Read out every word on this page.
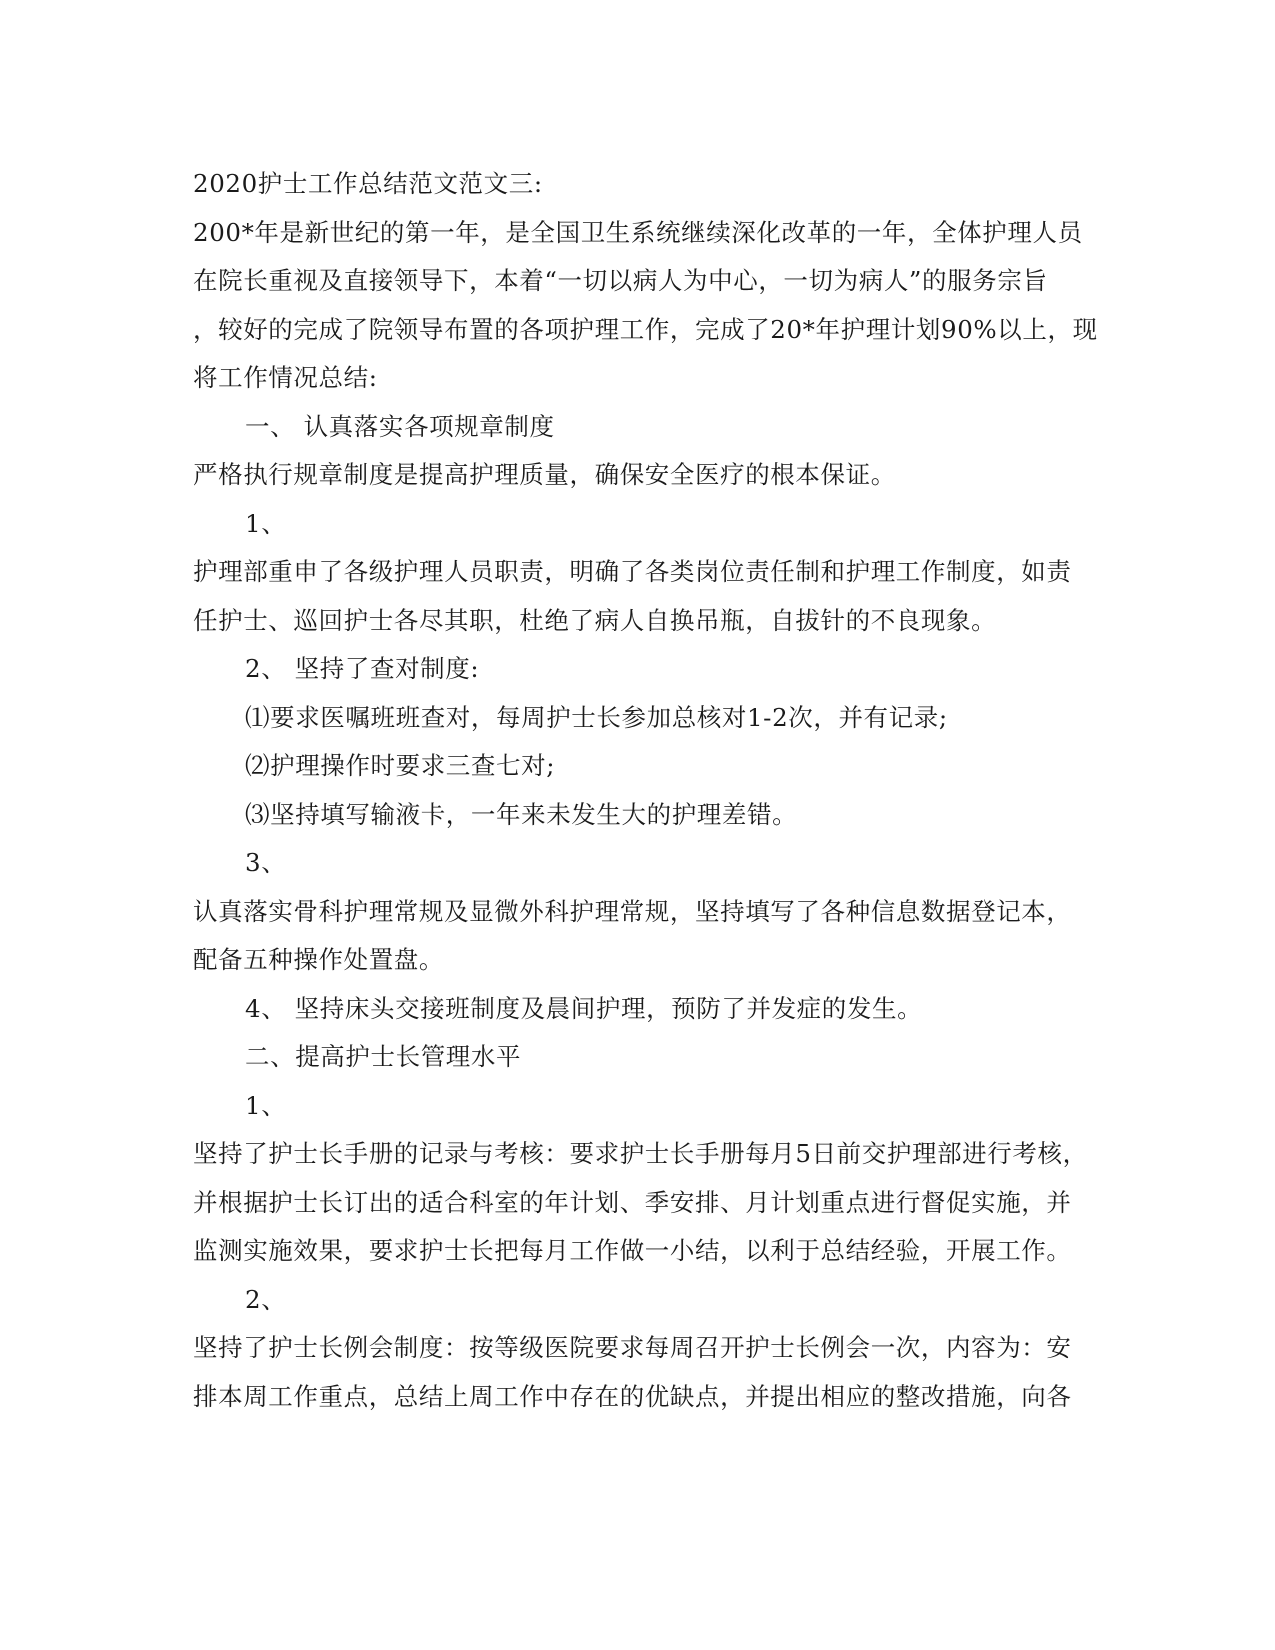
2020护士工作总结范文范文三:
200*年是新世纪的第一年，是全国卫生系统继续深化改革的一年，全体护理人员
在院长重视及直接领导下，本着“一切以病人为中心，一切为病人”的服务宗旨
，较好的完成了院领导布置的各项护理工作，完成了20*年护理计划90%以上，现
将工作情况总结:
一、 认真落实各项规章制度
严格执行规章制度是提高护理质量，确保安全医疗的根本保证。
1、
护理部重申了各级护理人员职责，明确了各类岗位责任制和护理工作制度，如责
任护士、巡回护士各尽其职，杜绝了病人自换吊瓶，自拔针的不良现象。
2、 坚持了查对制度:
⑴要求医嘱班班查对，每周护士长参加总核对1-2次，并有记录;
⑵护理操作时要求三查七对;
⑶坚持填写输液卡，一年来未发生大的护理差错。
3、
认真落实骨科护理常规及显微外科护理常规，坚持填写了各种信息数据登记本，
配备五种操作处置盘。
4、 坚持床头交接班制度及晨间护理，预防了并发症的发生。
二、提高护士长管理水平
1、
坚持了护士长手册的记录与考核：要求护士长手册每月5日前交护理部进行考核，
并根据护士长订出的适合科室的年计划、季安排、月计划重点进行督促实施，并
监测实施效果，要求护士长把每月工作做一小结，以利于总结经验，开展工作。
2、
坚持了护士长例会制度：按等级医院要求每周召开护士长例会一次，内容为：安
排本周工作重点，总结上周工作中存在的优缺点，并提出相应的整改措施，向各
